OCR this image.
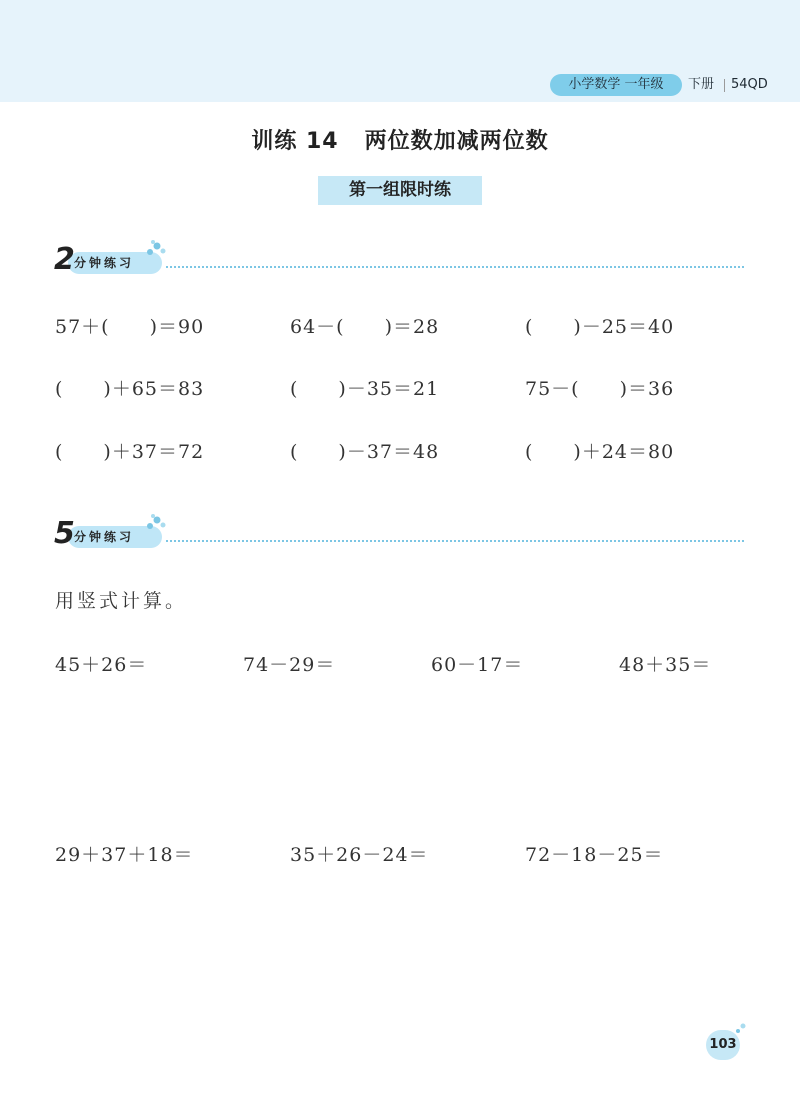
小学数学 一年级	下册 54QD
训练 14 两位数加减两位数
第一组限时练
2 分钟练习
57＋(　　)＝90	64－(　　)＝28	(　　)－25＝40
(　　)＋65＝83	(　　)－35＝21	75－(　　)＝36
(　　)＋37＝72	(　　)－37＝48	(　　)＋24＝80
5 分钟练习
用竖式计算。
45＋26＝	74－29＝	60－17＝	48＋35＝
29＋37＋18＝	35＋26－24＝	72－18－25＝
103
